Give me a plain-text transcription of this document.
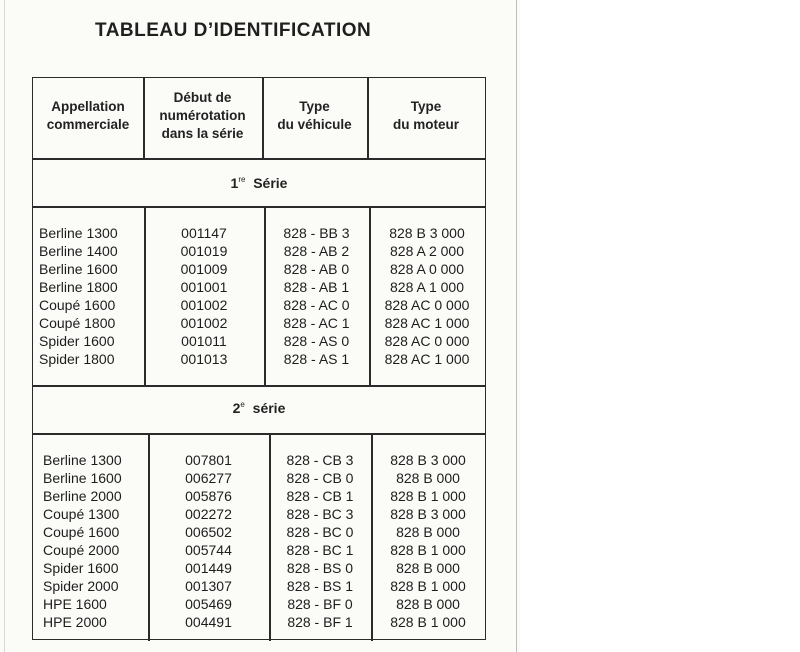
TABLEAU D’IDENTIFICATION
Appellation
commerciale
Début de
numérotation
dans la série
Type
du véhicule
Type
du moteur
1re Série
2e série
Berline 1300
Berline 1400
Berline 1600
Berline 1800
Coupé 1600
Coupé 1800
Spider 1600
Spider 1800
001147
001019
001009
001001
001002
001002
001011
001013
828 - BB 3
828 - AB 2
828 - AB 0
828 - AB 1
828 - AC 0
828 - AC 1
828 - AS 0
828 - AS 1
828 B 3 000
828 A 2 000
828 A 0 000
828 A 1 000
828 AC 0 000
828 AC 1 000
828 AC 0 000
828 AC 1 000
Berline 1300
Berline 1600
Berline 2000
Coupé 1300
Coupé 1600
Coupé 2000
Spider 1600
Spider 2000
HPE 1600
HPE 2000
007801
006277
005876
002272
006502
005744
001449
001307
005469
004491
828 - CB 3
828 - CB 0
828 - CB 1
828 - BC 3
828 - BC 0
828 - BC 1
828 - BS 0
828 - BS 1
828 - BF 0
828 - BF 1
828 B 3 000
828 B 000
828 B 1 000
828 B 3 000
828 B 000
828 B 1 000
828 B 000
828 B 1 000
828 B 000
828 B 1 000
